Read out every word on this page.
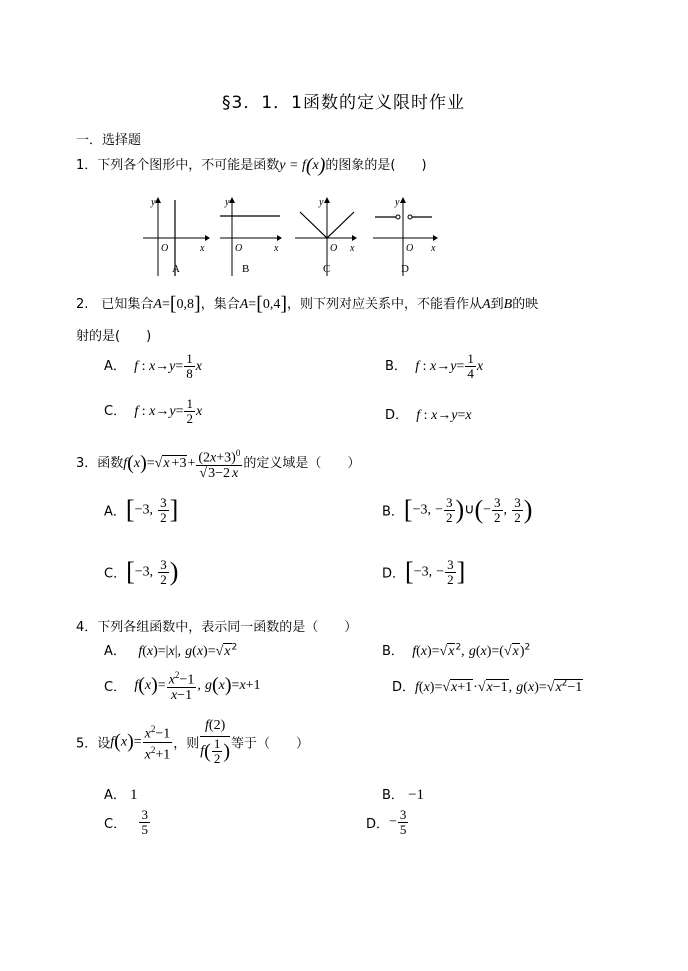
§3．1．1函数的定义限时作业
一．选择题
1．下列各个图形中，不可能是函数y = f(x)的图象的是(　　)
y
O	x
A
y
O	x
B
y
O x
C
y
O x
D
2.　已知集合A=[0,8]，集合A=[0,4]，则下列对应关系中，不能看作从A到B的映
射的是(　　)
A． f : $x\to y= \frac{1}{8}$ x	B． f : $x\to y= \frac{1}{4}$ x
C． f : $x\to y= \frac{1}{2}$ x	D． f : x→y=x
3．函数$f(x)=√x +3+ \frac{(2x+3)^0}{√3-2 x}$ 的定义域是（　　）
A．[−3, $\frac{3}{2}$ ]	B．[−3, − $\frac{3}{2}$ )∪(− $\frac{3}{2}$ , $\frac{3}{2}$ )
C．[−3, $\frac{3}{2}$ )	D．[−3, − $\frac{3}{2}$ ]
4．下列各组函数中，表示同一函数的是（　　）
A． f(x)=|x|, $g(x)=√x^2$	B． $f(x)=√x^2$, $g(x)=(√x)^2$
C． $f(x)= \frac{x^2-1}{x-1}$ , g(x)=x+1	D．f(x)=√x+1·√x−1, $g(x)=√x^2-1$
5．设$f(x)= \frac{x^2-1}{x^2+1}$ ，则 $\frac{f(2)}{f( \frac{1}{2} )}$ 等于（　　）
A． 1	B． −1
C． $\frac{3}{5}$	D．− $\frac{3}{5}$
